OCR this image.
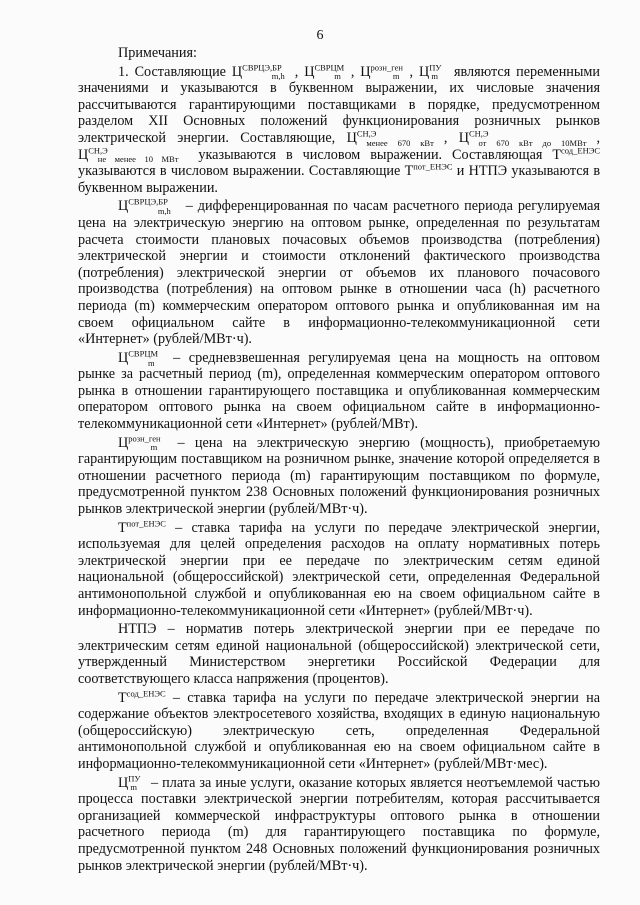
6

Примечания:

1. Составляющие $Ц^{СВРЦЭ,БР}_{m,h}$ , $Ц^{СВРЦМ}_m$ , $Ц^{розн\_ген}_m$ , $Ц^{ПУ}_m$ являются переменными значениями и указываются в буквенном выражении, их числовые значения рассчитываются гарантирующими поставщиками в порядке, предусмотренном разделом XII Основных положений функционирования розничных рынков электрической энергии. Составляющие, $Ц^{СН,Э}_{менее 670 кВт}$ , $Ц^{СН,Э}_{от 670 кВт до 10МВт}$ , $Ц^{СН,Э}_{не менее 10 МВт}$ указываются в числовом выражении. Составляющая $Т^{сод\_ЕНЭС}$ указываются в числовом выражении. Составляющие $Т^{пот\_ЕНЭС}$ и НТПЭ указываются в буквенном выражении.

$Ц^{СВРЦЭ,БР}_{m,h}$ – дифференцированная по часам расчетного периода регулируемая цена на электрическую энергию на оптовом рынке, определенная по результатам расчета стоимости плановых почасовых объемов производства (потребления) электрической энергии и стоимости отклонений фактического производства (потребления) электрической энергии от объемов их планового почасового производства (потребления) на оптовом рынке в отношении часа (h) расчетного периода (m) коммерческим оператором оптового рынка и опубликованная им на своем официальном сайте в информационно-телекоммуникационной сети «Интернет» (рублей/МВт·ч).

$Ц^{СВРЦМ}_m$ – средневзвешенная регулируемая цена на мощность на оптовом рынке за расчетный период (m), определенная коммерческим оператором оптового рынка в отношении гарантирующего поставщика и опубликованная коммерческим оператором оптового рынка на своем официальном сайте в информационно-телекоммуникационной сети «Интернет» (рублей/МВт).

$Ц^{розн\_ген}_m$ – цена на электрическую энергию (мощность), приобретаемую гарантирующим поставщиком на розничном рынке, значение которой определяется в отношении расчетного периода (m) гарантирующим поставщиком по формуле, предусмотренной пунктом 238 Основных положений функционирования розничных рынков электрической энергии (рублей/МВт·ч).

$Т^{пот\_ЕНЭС}$ – ставка тарифа на услуги по передаче электрической энергии, используемая для целей определения расходов на оплату нормативных потерь электрической энергии при ее передаче по электрическим сетям единой национальной (общероссийской) электрической сети, определенная Федеральной антимонопольной службой и опубликованная ею на своем официальном сайте в информационно-телекоммуникационной сети «Интернет» (рублей/МВт·ч).

НТПЭ – норматив потерь электрической энергии при ее передаче по электрическим сетям единой национальной (общероссийской) электрической сети, утвержденный Министерством энергетики Российской Федерации для соответствующего класса напряжения (процентов).

$Т^{сод\_ЕНЭС}$ – ставка тарифа на услуги по передаче электрической энергии на содержание объектов электросетевого хозяйства, входящих в единую национальную (общероссийскую) электрическую сеть, определенная Федеральной антимонопольной службой и опубликованная ею на своем официальном сайте в информационно-телекоммуникационной сети «Интернет» (рублей/МВт·мес).

$Ц^{ПУ}_m$ – плата за иные услуги, оказание которых является неотъемлемой частью процесса поставки электрической энергии потребителям, которая рассчитывается организацией коммерческой инфраструктуры оптового рынка в отношении расчетного периода (m) для гарантирующего поставщика по формуле, предусмотренной пунктом 248 Основных положений функционирования розничных рынков электрической энергии (рублей/МВт·ч).
